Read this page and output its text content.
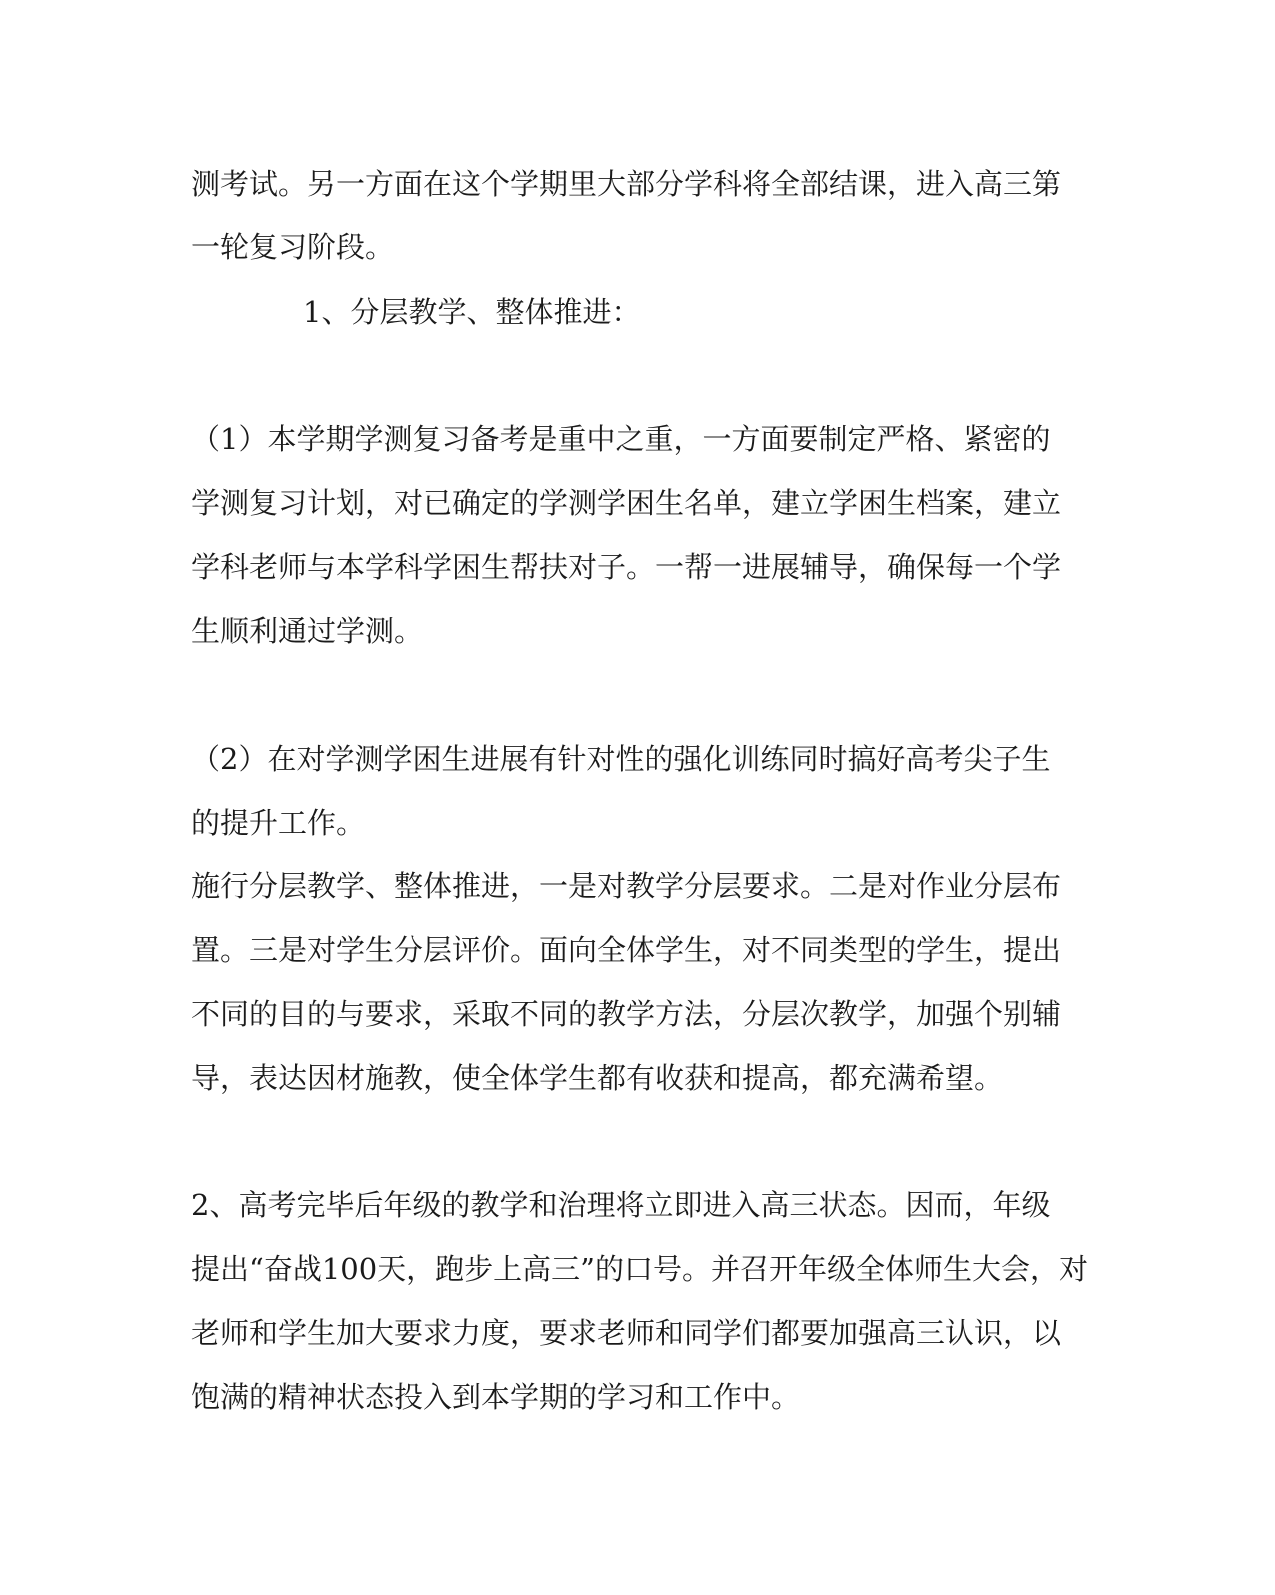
测考试。另一方面在这个学期里大部分学科将全部结课，进入高三第
一轮复习阶段。
1、分层教学、整体推进：
（1）本学期学测复习备考是重中之重，一方面要制定严格、紧密的
学测复习计划，对已确定的学测学困生名单，建立学困生档案，建立
学科老师与本学科学困生帮扶对子。一帮一进展辅导，确保每一个学
生顺利通过学测。
（2）在对学测学困生进展有针对性的强化训练同时搞好高考尖子生
的提升工作。
施行分层教学、整体推进，一是对教学分层要求。二是对作业分层布
置。三是对学生分层评价。面向全体学生，对不同类型的学生，提出
不同的目的与要求，采取不同的教学方法，分层次教学，加强个别辅
导，表达因材施教，使全体学生都有收获和提高，都充满希望。
2、高考完毕后年级的教学和治理将立即进入高三状态。因而，年级
提出“奋战100天，跑步上高三”的口号。并召开年级全体师生大会，对
老师和学生加大要求力度，要求老师和同学们都要加强高三认识，以
饱满的精神状态投入到本学期的学习和工作中。
